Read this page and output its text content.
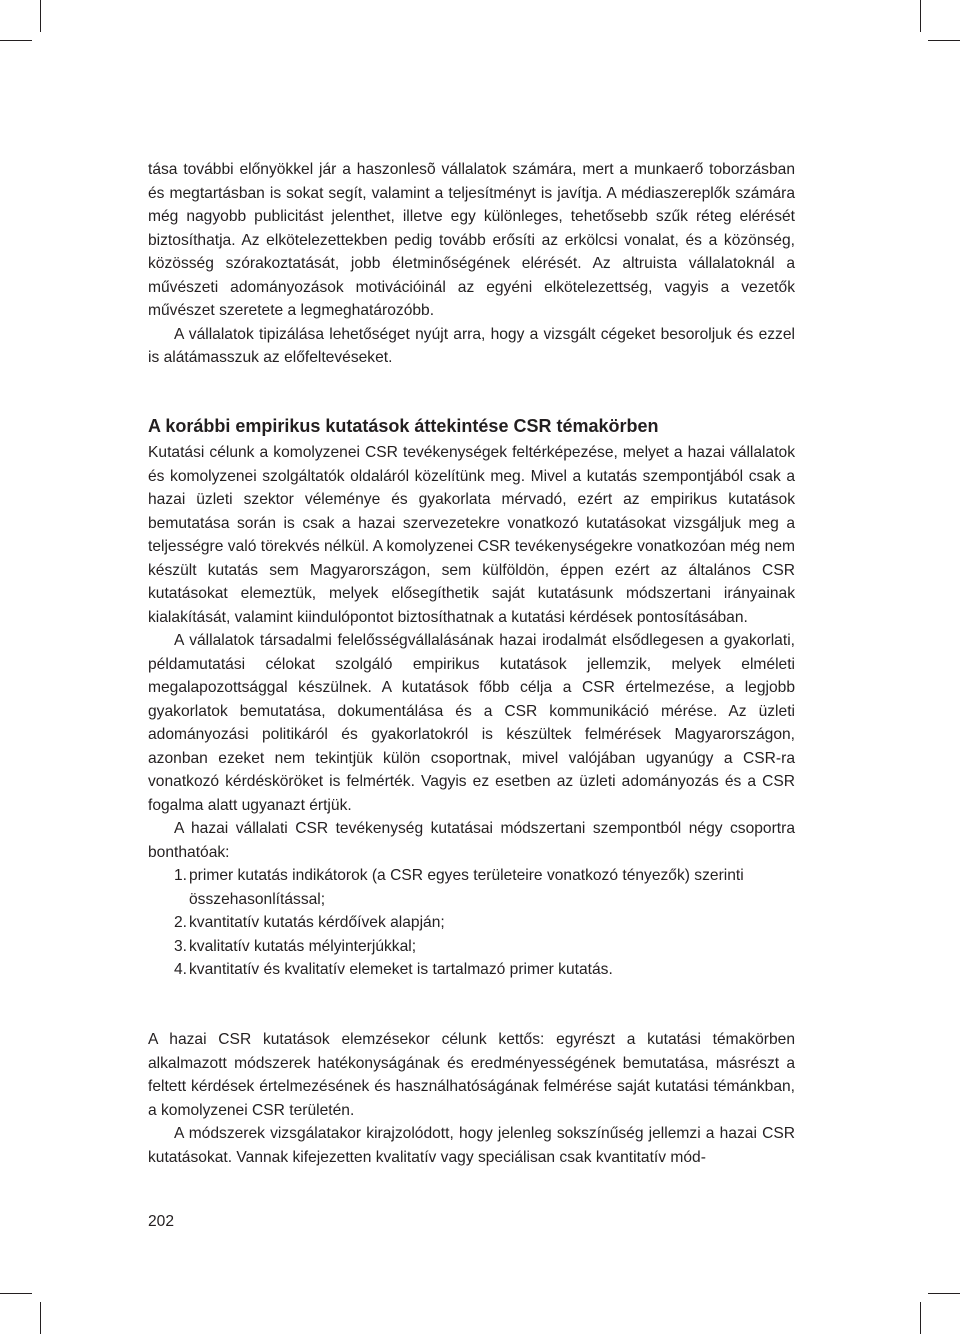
tása további előnyökkel jár a haszonlesõ vállalatok számára, mert a munkaerő toborzásban és megtartásban is sokat segít, valamint a teljesítményt is javítja. A médiaszereplők számára még nagyobb publicitást jelenthet, illetve egy különleges, tehetősebb szűk réteg elérését biztosíthatja. Az elkötelezettekben pedig tovább erősíti az erkölcsi vonalat, és a közönség, közösség szórakoztatását, jobb életminőségének elérését. Az altruista vállalatoknál a művészeti adományozások motivációinál az egyéni elkötelezettség, vagyis a vezetők művészet szeretete a legmeghatározóbb.

A vállalatok tipizálása lehetőséget nyújt arra, hogy a vizsgált cégeket besoroljuk és ezzel is alátámasszuk az előfeltevéseket.

A korábbi empirikus kutatások áttekintése CSR témakörben

Kutatási célunk a komolyzenei CSR tevékenységek feltérképezése, melyet a hazai vállalatok és komolyzenei szolgáltatók oldaláról közelítünk meg. Mivel a kutatás szempontjából csak a hazai üzleti szektor véleménye és gyakorlata mérvadó, ezért az empirikus kutatások bemutatása során is csak a hazai szervezetekre vonatkozó kutatásokat vizsgáljuk meg a teljességre való törekvés nélkül. A komolyzenei CSR tevékenységekre vonatkozóan még nem készült kutatás sem Magyarországon, sem külföldön, éppen ezért az általános CSR kutatásokat elemeztük, melyek elősegíthetik saját kutatásunk módszertani irányainak kialakítását, valamint kiindulópontot biztosíthatnak a kutatási kérdések pontosításában.

A vállalatok társadalmi felelősségvállalásának hazai irodalmát elsődlegesen a gyakorlati, példamutatási célokat szolgáló empirikus kutatások jellemzik, melyek elméleti megalapozottsággal készülnek. A kutatások főbb célja a CSR értelmezése, a legjobb gyakorlatok bemutatása, dokumentálása és a CSR kommunikáció mérése. Az üzleti adományozási politikáról és gyakorlatokról is készültek felmérések Magyarországon, azonban ezeket nem tekintjük külön csoportnak, mivel valójában ugyanúgy a CSR-ra vonatkozó kérdésköröket is felmérték. Vagyis ez esetben az üzleti adományozás és a CSR fogalma alatt ugyanazt értjük.

A hazai vállalati CSR tevékenység kutatásai módszertani szempontból négy csoportra bonthatóak:

1. primer kutatás indikátorok (a CSR egyes területeire vonatkozó tényezők) szerinti összehasonlítással;
2. kvantitatív kutatás kérdőívek alapján;
3. kvalitatív kutatás mélyinterjúkkal;
4. kvantitatív és kvalitatív elemeket is tartalmazó primer kutatás.

A hazai CSR kutatások elemzésekor célunk kettős: egyrészt a kutatási témakörben alkalmazott módszerek hatékonyságának és eredményességének bemutatása, másrészt a feltett kérdések értelmezésének és használhatóságának felmérése saját kutatási témánkban, a komolyzenei CSR területén.

A módszerek vizsgálatakor kirajzolódott, hogy jelenleg sokszínűség jellemzi a hazai CSR kutatásokat. Vannak kifejezetten kvalitatív vagy speciálisan csak kvantitatív mód-

202
